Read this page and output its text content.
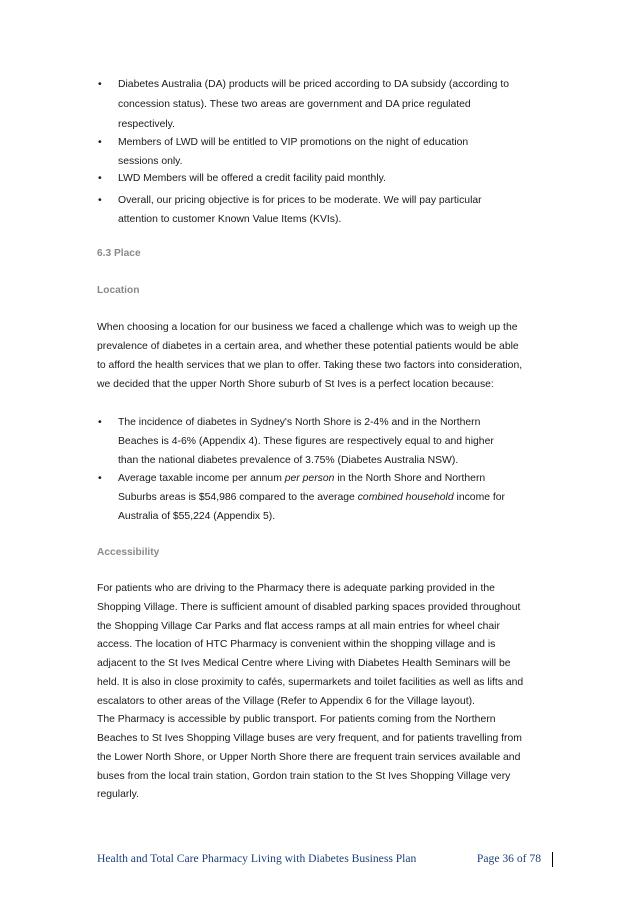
• Diabetes Australia (DA) products will be priced according to DA subsidy (according to
concession status). These two areas are government and DA price regulated
respectively.
• Members of LWD will be entitled to VIP promotions on the night of education
sessions only.
• LWD Members will be offered a credit facility paid monthly.
• Overall, our pricing objective is for prices to be moderate. We will pay particular
attention to customer Known Value Items (KVIs).
6.3 Place
Location
When choosing a location for our business we faced a challenge which was to weigh up the
prevalence of diabetes in a certain area, and whether these potential patients would be able
to afford the health services that we plan to offer. Taking these two factors into consideration,
we decided that the upper North Shore suburb of St Ives is a perfect location because:
• The incidence of diabetes in Sydney's North Shore is 2-4% and in the Northern
Beaches is 4-6% (Appendix 4). These figures are respectively equal to and higher
than the national diabetes prevalence of 3.75% (Diabetes Australia NSW).
• Average taxable income per annum per person in the North Shore and Northern
Suburbs areas is $54,986 compared to the average combined household income for
Australia of $55,224 (Appendix 5).
Accessibility
For patients who are driving to the Pharmacy there is adequate parking provided in the
Shopping Village. There is sufficient amount of disabled parking spaces provided throughout
the Shopping Village Car Parks and flat access ramps at all main entries for wheel chair
access. The location of HTC Pharmacy is convenient within the shopping village and is
adjacent to the St Ives Medical Centre where Living with Diabetes Health Seminars will be
held. It is also in close proximity to cafés, supermarkets and toilet facilities as well as lifts and
escalators to other areas of the Village (Refer to Appendix 6 for the Village layout).
The Pharmacy is accessible by public transport. For patients coming from the Northern
Beaches to St Ives Shopping Village buses are very frequent, and for patients travelling from
the Lower North Shore, or Upper North Shore there are frequent train services available and
buses from the local train station, Gordon train station to the St Ives Shopping Village very
regularly.
Health and Total Care Pharmacy Living with Diabetes Business Plan	Page 36 of 78
